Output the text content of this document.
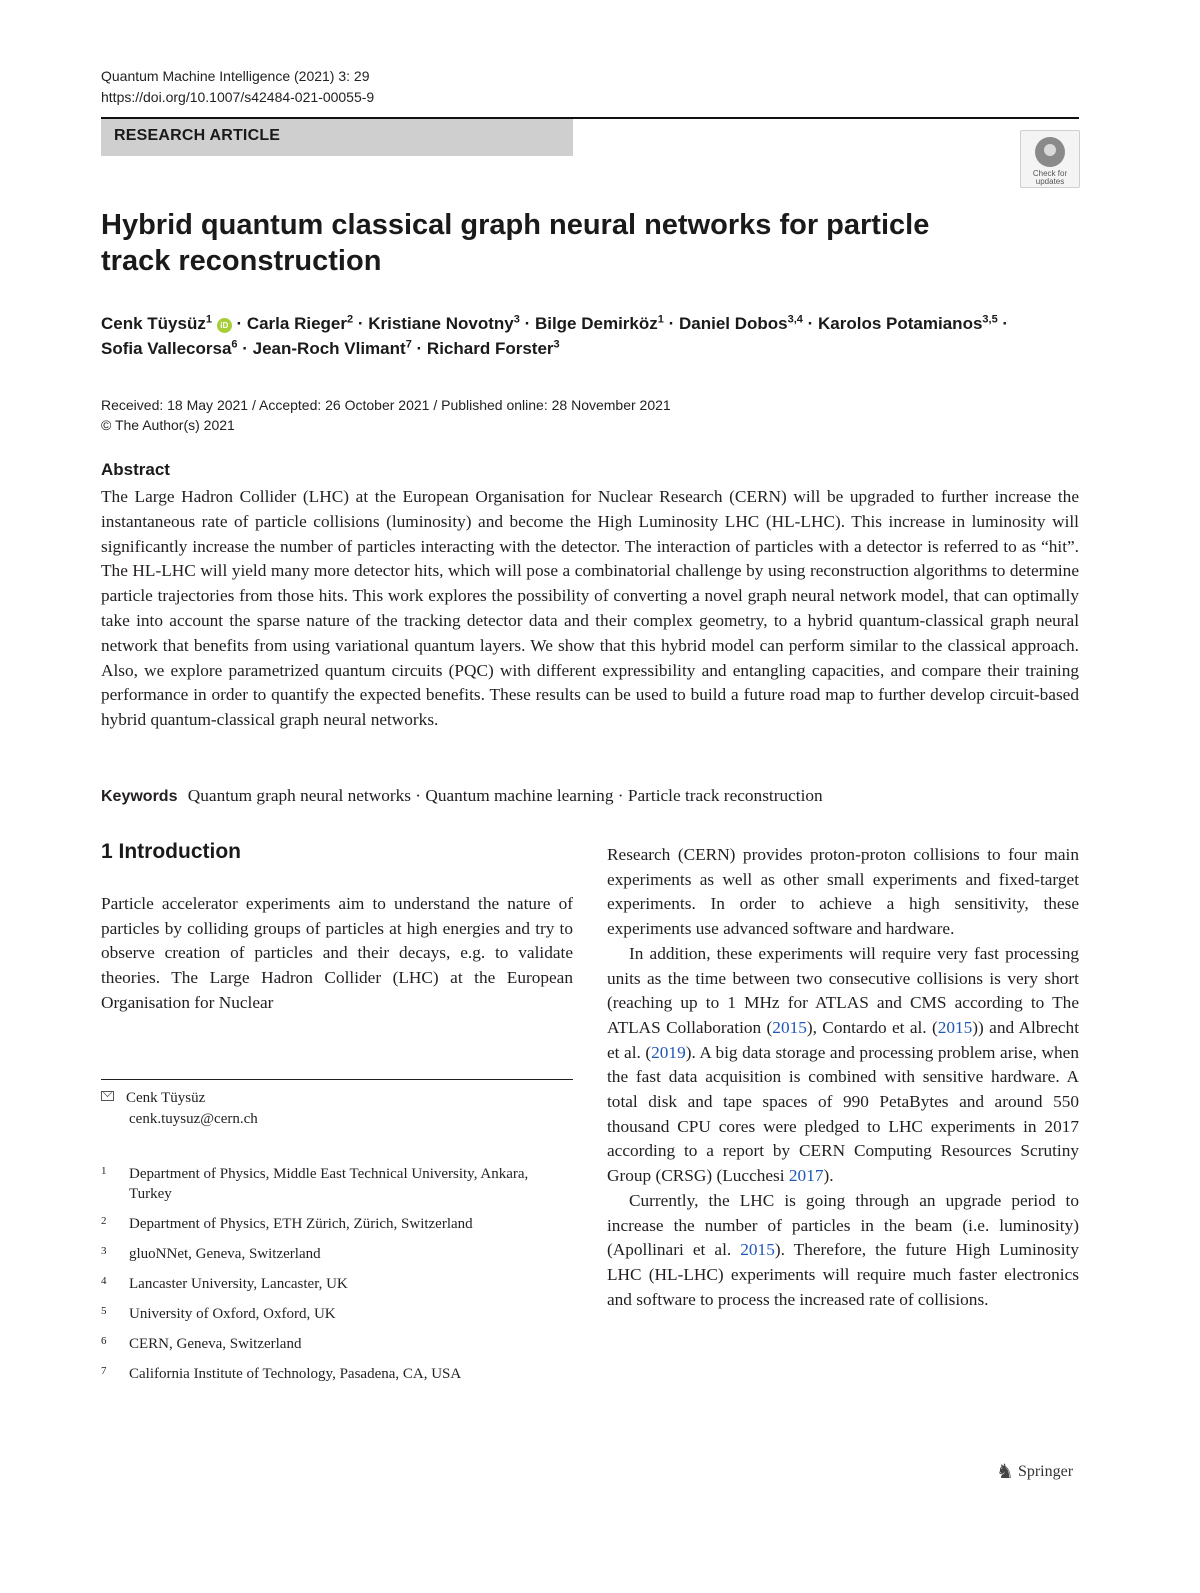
Quantum Machine Intelligence (2021) 3: 29
https://doi.org/10.1007/s42484-021-00055-9
RESEARCH ARTICLE
Check for updates
Hybrid quantum classical graph neural networks for particle track reconstruction
Cenk Tüysüz$^1$ iD · Carla Rieger$^2$ · Kristiane Novotny$^3$ · Bilge Demirköz$^1$ · Daniel Dobos$^{3,4}$ · Karolos Potamianos$^{3,5}$ ·
Sofia Vallecorsa$^6$ · Jean-Roch Vlimant$^7$ · Richard Forster$^3$
Received: 18 May 2021 / Accepted: 26 October 2021 / Published online: 28 November 2021
© The Author(s) 2021
Abstract
The Large Hadron Collider (LHC) at the European Organisation for Nuclear Research (CERN) will be upgraded to further increase the instantaneous rate of particle collisions (luminosity) and become the High Luminosity LHC (HL-LHC). This increase in luminosity will significantly increase the number of particles interacting with the detector. The interaction of particles with a detector is referred to as “hit”. The HL-LHC will yield many more detector hits, which will pose a combinatorial challenge by using reconstruction algorithms to determine particle trajectories from those hits. This work explores the possibility of converting a novel graph neural network model, that can optimally take into account the sparse nature of the tracking detector data and their complex geometry, to a hybrid quantum-classical graph neural network that benefits from using variational quantum layers. We show that this hybrid model can perform similar to the classical approach. Also, we explore parametrized quantum circuits (PQC) with different expressibility and entangling capacities, and compare their training performance in order to quantify the expected benefits. These results can be used to build a future road map to further develop circuit-based hybrid quantum-classical graph neural networks.
Keywords Quantum graph neural networks · Quantum machine learning · Particle track reconstruction
1 Introduction
Particle accelerator experiments aim to understand the nature of particles by colliding groups of particles at high energies and try to observe creation of particles and their decays, e.g. to validate theories. The Large Hadron Collider (LHC) at the European Organisation for Nuclear

Research (CERN) provides proton-proton collisions to four main experiments as well as other small experiments and fixed-target experiments. In order to achieve a high sensitivity, these experiments use advanced software and hardware.

In addition, these experiments will require very fast processing units as the time between two consecutive collisions is very short (reaching up to 1 MHz for ATLAS and CMS according to The ATLAS Collaboration (2015), Contardo et al. (2015)) and Albrecht et al. (2019). A big data storage and processing problem arise, when the fast data acquisition is combined with sensitive hardware. A total disk and tape spaces of 990 PetaBytes and around 550 thousand CPU cores were pledged to LHC experiments in 2017 according to a report by CERN Computing Resources Scrutiny Group (CRSG) (Lucchesi 2017).

Currently, the LHC is going through an upgrade period to increase the number of particles in the beam (i.e. luminosity) (Apollinari et al. 2015). Therefore, the future High Luminosity LHC (HL-LHC) experiments will require much faster electronics and software to process the increased rate of collisions.

Cenk Tüysüz
cenk.tuysuz@cern.ch
1	Department of Physics, Middle East Technical University, Ankara, Turkey
2	Department of Physics, ETH Zürich, Zürich, Switzerland
3	gluoNNet, Geneva, Switzerland
4	Lancaster University, Lancaster, UK
5	University of Oxford, Oxford, UK
6	CERN, Geneva, Switzerland
7	California Institute of Technology, Pasadena, CA, USA
♞ Springer
